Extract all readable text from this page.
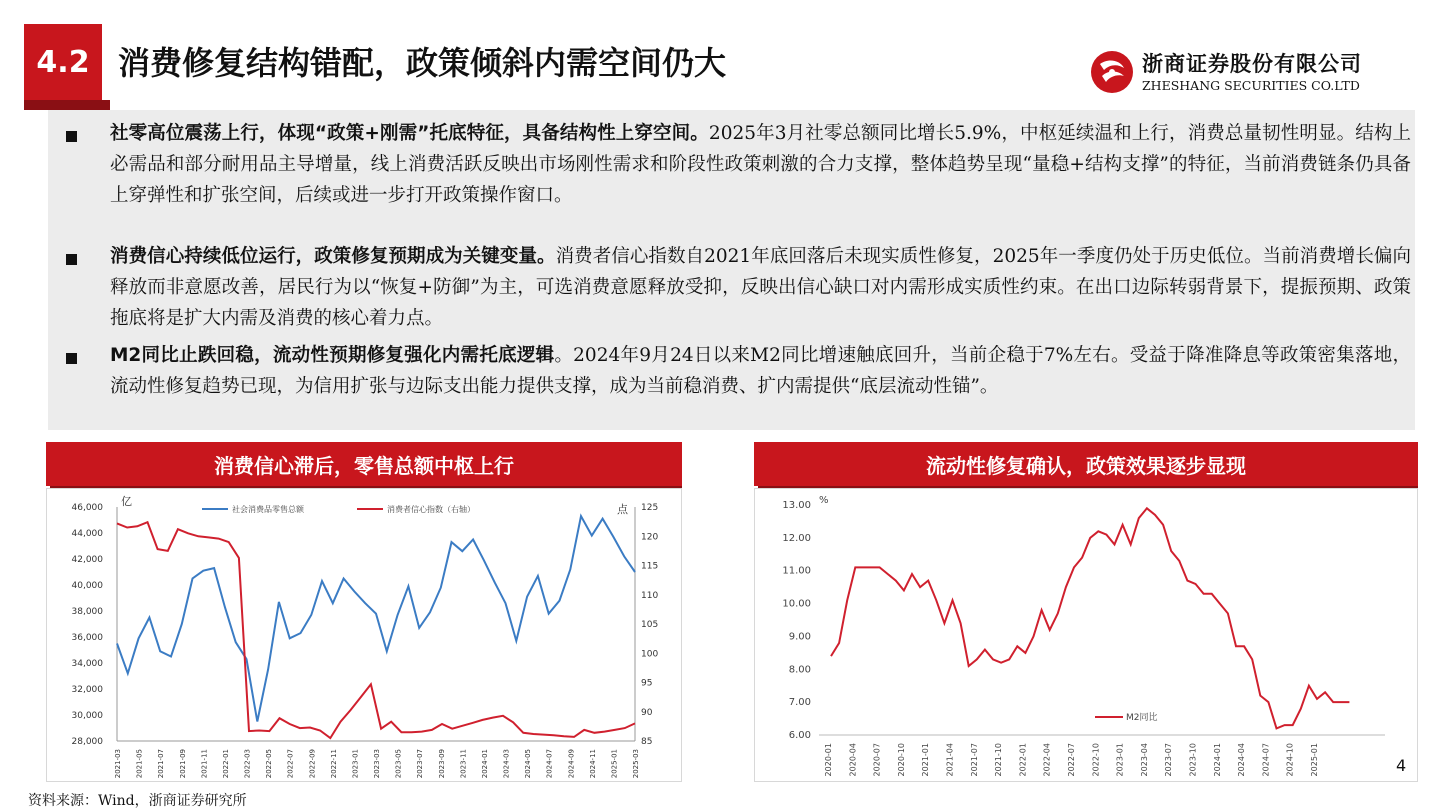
4.2 消费修复结构错配，政策倾斜内需空间仍大	浙商证券股份有限公司
ZHESHANG SECURITIES CO.LTD
社零高位震荡上行，体现“政策+刚需”托底特征，具备结构性上穿空间。2025年3月社零总额同比增长5.9%，中枢延续温和上行，消费总量韧性明显。结构上必需品和部分耐用品主导增量，线上消费活跃反映出市场刚性需求和阶段性政策刺激的合力支撑，整体趋势呈现“量稳+结构支撑”的特征，当前消费链条仍具备上穿弹性和扩张空间，后续或进一步打开政策操作窗口。
消费信心持续低位运行，政策修复预期成为关键变量。消费者信心指数自2021年底回落后未现实质性修复，2025年一季度仍处于历史低位。当前消费增长偏向释放而非意愿改善，居民行为以“恢复+防御”为主，可选消费意愿释放受抑，反映出信心缺口对内需形成实质性约束。在出口边际转弱背景下，提振预期、政策拖底将是扩大内需及消费的核心着力点。
M2同比止跌回稳，流动性预期修复强化内需托底逻辑。2024年9月24日以来M2同比增速触底回升，当前企稳于7%左右。受益于降准降息等政策密集落地，流动性修复趋势已现，为信用扩张与边际支出能力提供支撑，成为当前稳消费、扩内需提供“底层流动性锚”。
消费信心滞后，零售总额中枢上行
46,000
44,000
42,000
40,000
38,000
36,000
34,000
32,000
30,000
28,000
125
120
115
110
105
100
95
90
85
亿
点
2021-03 2021-05 2021-07 2021-09 2021-11 2022-01 2022-03 2022-05 2022-07 2022-09 2022-11 2023-01 2023-03 2023-05 2023-07 2023-09 2023-11 2024-01 2024-03 2024-05 2024-07 2024-09 2024-11 2025-01 2025-03
社会消费品零售总额	消费者信心指数（右轴）
流动性修复确认，政策效果逐步显现
13.00
12.00
11.00
10.00
9.00
8.00
7.00
6.00
%
2020-01 2020-04 2020-07 2020-10 2021-01 2021-04 2021-07 2021-10 2022-01 2022-04 2022-07 2022-10 2023-01 2023-04 2023-07 2023-10 2024-01 2024-04 2024-07 2024-10 2025-01
M2同比
资料来源：Wind，浙商证券研究所
4
